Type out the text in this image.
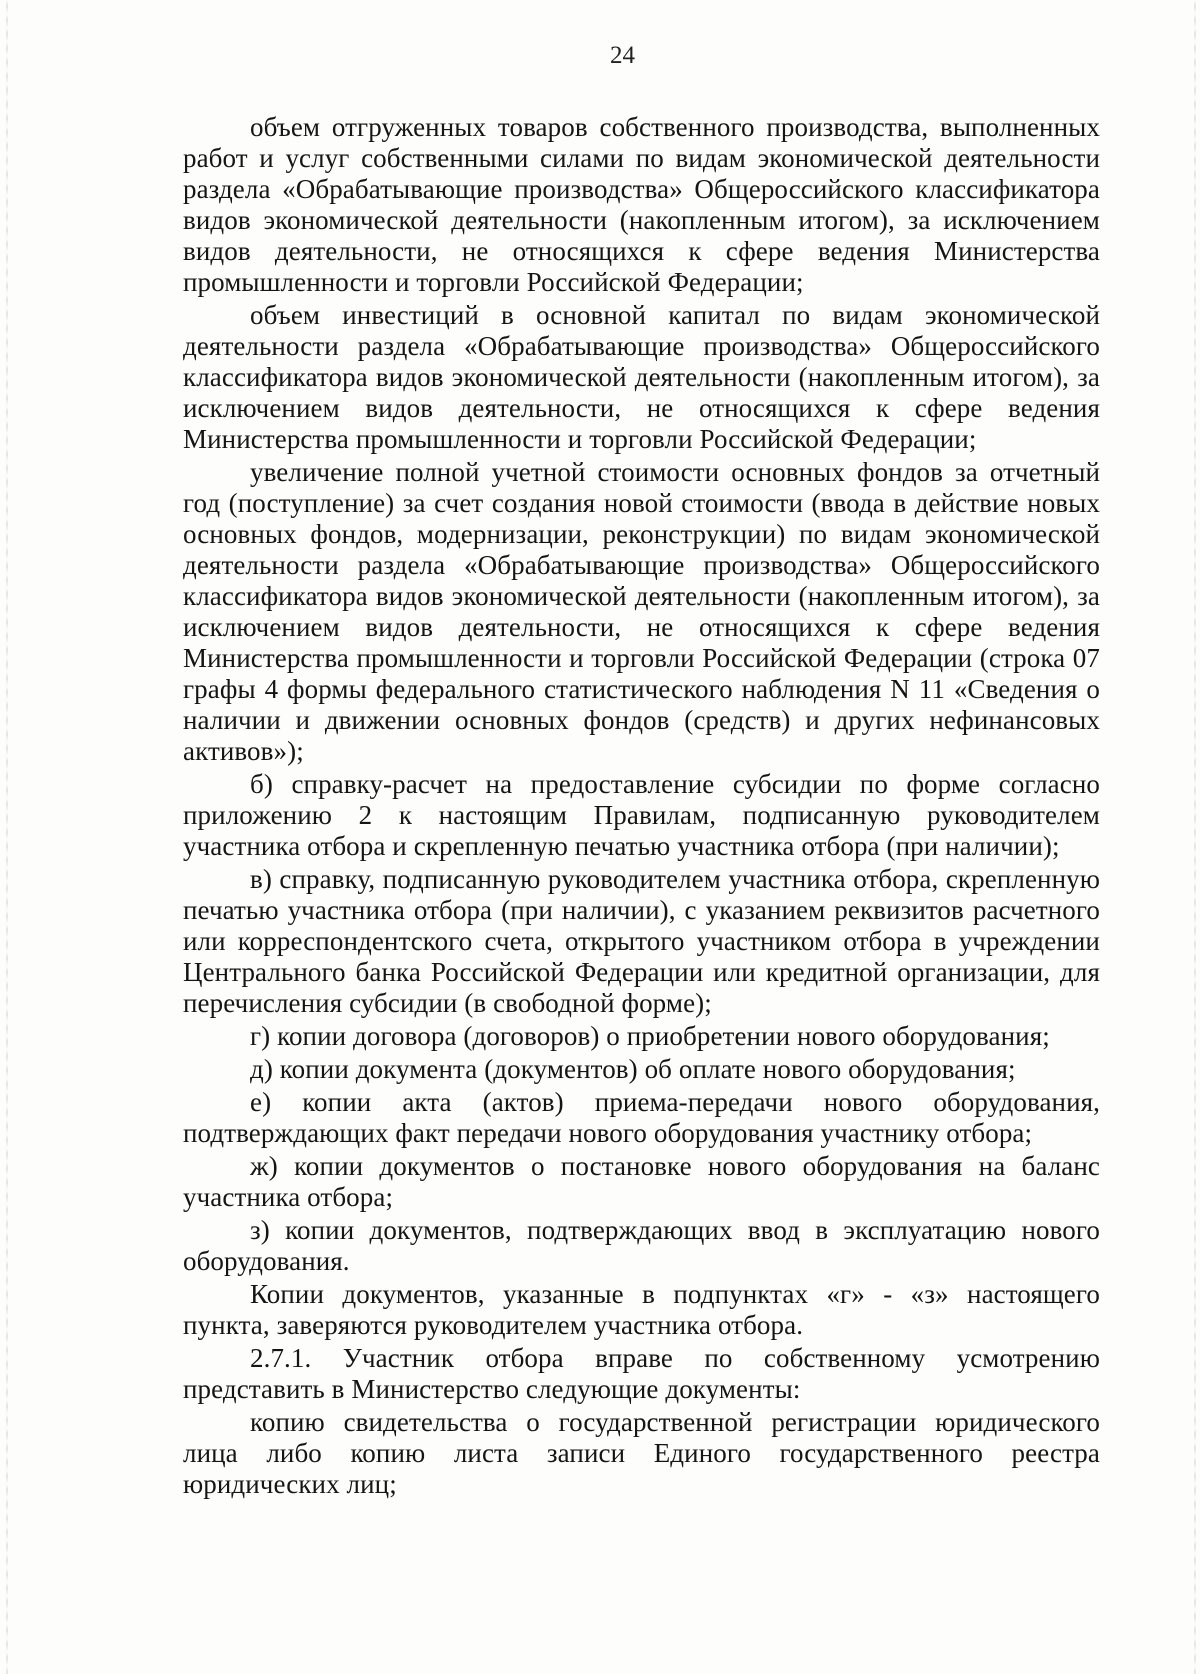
24

объем отгруженных товаров собственного производства, выполненных работ и услуг собственными силами по видам экономической деятельности раздела «Обрабатывающие производства» Общероссийского классификатора видов экономической деятельности (накопленным итогом), за исключением видов деятельности, не относящихся к сфере ведения Министерства промышленности и торговли Российской Федерации;

объем инвестиций в основной капитал по видам экономической деятельности раздела «Обрабатывающие производства» Общероссийского классификатора видов экономической деятельности (накопленным итогом), за исключением видов деятельности, не относящихся к сфере ведения Министерства промышленности и торговли Российской Федерации;

увеличение полной учетной стоимости основных фондов за отчетный год (поступление) за счет создания новой стоимости (ввода в действие новых основных фондов, модернизации, реконструкции) по видам экономической деятельности раздела «Обрабатывающие производства» Общероссийского классификатора видов экономической деятельности (накопленным итогом), за исключением видов деятельности, не относящихся к сфере ведения Министерства промышленности и торговли Российской Федерации (строка 07 графы 4 формы федерального статистического наблюдения N 11 «Сведения о наличии и движении основных фондов (средств) и других нефинансовых активов»);

б) справку-расчет на предоставление субсидии по форме согласно приложению 2 к настоящим Правилам, подписанную руководителем участника отбора и скрепленную печатью участника отбора (при наличии);

в) справку, подписанную руководителем участника отбора, скрепленную печатью участника отбора (при наличии), с указанием реквизитов расчетного или корреспондентского счета, открытого участником отбора в учреждении Центрального банка Российской Федерации или кредитной организации, для перечисления субсидии (в свободной форме);

г) копии договора (договоров) о приобретении нового оборудования;

д) копии документа (документов) об оплате нового оборудования;

е) копии акта (актов) приема-передачи нового оборудования, подтверждающих факт передачи нового оборудования участнику отбора;

ж) копии документов о постановке нового оборудования на баланс участника отбора;

з) копии документов, подтверждающих ввод в эксплуатацию нового оборудования.

Копии документов, указанные в подпунктах «г» - «з» настоящего пункта, заверяются руководителем участника отбора.

2.7.1. Участник отбора вправе по собственному усмотрению представить в Министерство следующие документы:

копию свидетельства о государственной регистрации юридического лица либо копию листа записи Единого государственного реестра юридических лиц;
